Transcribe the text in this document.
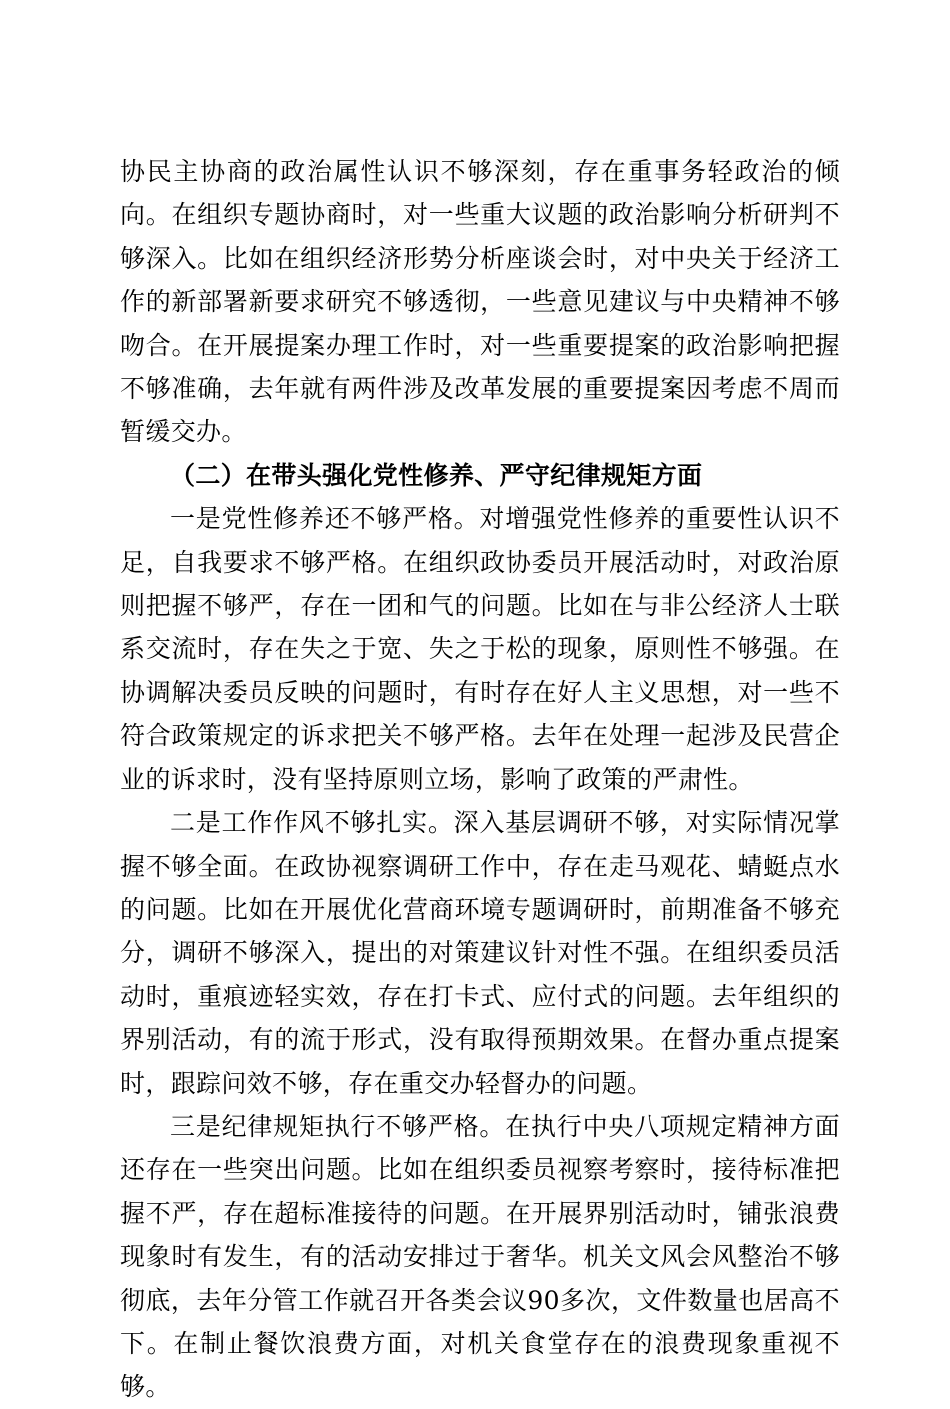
协民主协商的政治属性认识不够深刻，存在重事务轻政治的倾向。在组织专题协商时，对一些重大议题的政治影响分析研判不够深入。比如在组织经济形势分析座谈会时，对中央关于经济工作的新部署新要求研究不够透彻，一些意见建议与中央精神不够吻合。在开展提案办理工作时，对一些重要提案的政治影响把握不够准确，去年就有两件涉及改革发展的重要提案因考虑不周而暂缓交办。

（二）在带头强化党性修养、严守纪律规矩方面

一是党性修养还不够严格。对增强党性修养的重要性认识不足，自我要求不够严格。在组织政协委员开展活动时，对政治原则把握不够严，存在一团和气的问题。比如在与非公经济人士联系交流时，存在失之于宽、失之于松的现象，原则性不够强。在协调解决委员反映的问题时，有时存在好人主义思想，对一些不符合政策规定的诉求把关不够严格。去年在处理一起涉及民营企业的诉求时，没有坚持原则立场，影响了政策的严肃性。

二是工作作风不够扎实。深入基层调研不够，对实际情况掌握不够全面。在政协视察调研工作中，存在走马观花、蜻蜓点水的问题。比如在开展优化营商环境专题调研时，前期准备不够充分，调研不够深入，提出的对策建议针对性不强。在组织委员活动时，重痕迹轻实效，存在打卡式、应付式的问题。去年组织的界别活动，有的流于形式，没有取得预期效果。在督办重点提案时，跟踪问效不够，存在重交办轻督办的问题。

三是纪律规矩执行不够严格。在执行中央八项规定精神方面还存在一些突出问题。比如在组织委员视察考察时，接待标准把握不严，存在超标准接待的问题。在开展界别活动时，铺张浪费现象时有发生，有的活动安排过于奢华。机关文风会风整治不够彻底，去年分管工作就召开各类会议90多次，文件数量也居高不下。在制止餐饮浪费方面，对机关食堂存在的浪费现象重视不够。
